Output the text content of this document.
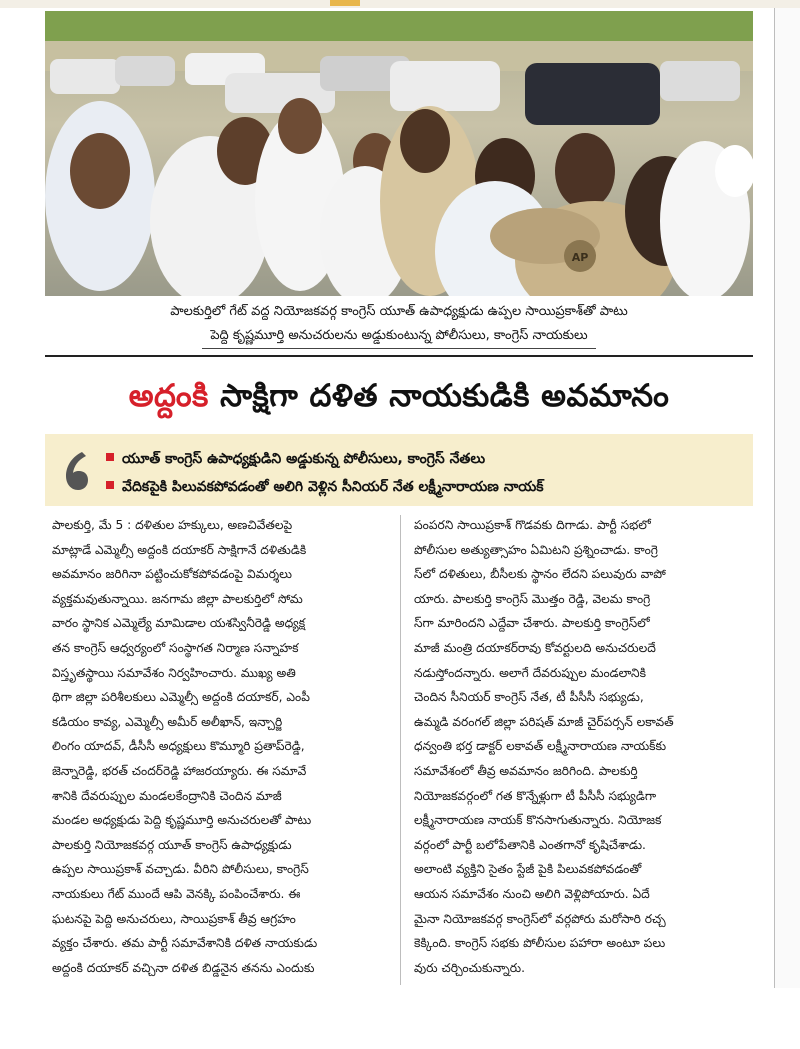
AP
పాలకుర్తిలో గేట్ వద్ద నియోజకవర్గ కాంగ్రెస్ యూత్ ఉపాధ్యక్షుడు ఉప్పల సాయిప్రకాశ్‌తో పాటు
పెద్ది కృష్ణమూర్తి అనుచరులను అడ్డుకుంటున్న పోలీసులు, కాంగ్రెస్ నాయకులు
అద్దంకి సాక్షిగా దళిత నాయకుడికి అవమానం
యూత్ కాంగ్రెస్ ఉపాధ్యక్షుడిని అడ్డుకున్న పోలీసులు, కాంగ్రెస్ నేతలు
వేదికపైకి పిలువకపోవడంతో అలిగి వెళ్లిన సీనియర్ నేత లక్ష్మీనారాయణ నాయక్
పాలకుర్తి, మే 5 : దళితుల హక్కులు, అణచివేతలపై
మాట్లాడే ఎమ్మెల్సీ అద్దంకి దయాకర్ సాక్షిగానే దళితుడికి
అవమానం జరిగినా పట్టించుకోకపోవడంపై విమర్శలు
వ్యక్తమవుతున్నాయి. జనగామ జిల్లా పాలకుర్తిలో సోమ
వారం స్థానిక ఎమ్మెల్యే మామిడాల యశస్వినీరెడ్డి అధ్యక్ష
తన కాంగ్రెస్ ఆధ్వర్యంలో సంస్థాగత నిర్మాణ సన్నాహక
విస్తృతస్థాయి సమావేశం నిర్వహించారు. ముఖ్య అతి
థిగా జిల్లా పరిశీలకులు ఎమ్మెల్సీ అద్దంకి దయాకర్, ఎంపీ
కడియం కావ్య, ఎమ్మెల్సీ అమీర్ అలీఖాన్, ఇన్చార్జి
లింగం యాదవ్, డీసీసీ అధ్యక్షులు కొమ్మూరి ప్రతాప్‌రెడ్డి,
జెన్నారెడ్డి, భరత్ చందర్‌రెడ్డి హాజరయ్యారు. ఈ సమావే
శానికి దేవరుప్పుల మండలకేంద్రానికి చెందిన మాజీ
మండల అధ్యక్షుడు పెద్ది కృష్ణమూర్తి అనుచరులతో పాటు
పాలకుర్తి నియోజకవర్గ యూత్ కాంగ్రెస్ ఉపాధ్యక్షుడు
ఉప్పల సాయిప్రకాశ్ వచ్చాడు. వీరిని పోలీసులు, కాంగ్రెస్
నాయకులు గేట్ ముందే ఆపి వెనక్కి పంపించేశారు. ఈ
ఘటనపై పెద్ది అనుచరులు, సాయిప్రకాశ్ తీవ్ర ఆగ్రహం
వ్యక్తం చేశారు. తమ పార్టీ సమావేశానికి దళిత నాయకుడు
అద్దంకి దయాకర్ వచ్చినా దళిత బిడ్డనైన తనను ఎందుకు
పంపరని సాయిప్రకాశ్ గొడవకు దిగాడు. పార్టీ సభలో
పోలీసుల అత్యుత్సాహం ఏమిటని ప్రశ్నించాడు. కాంగ్రె
స్‌లో దళితులు, బీసీలకు స్థానం లేదని పలువురు వాపో
యారు. పాలకుర్తి కాంగ్రెస్ మొత్తం రెడ్డి, వెలమ కాంగ్రె
స్‌గా మారిందని ఎద్దేవా చేశారు. పాలకుర్తి కాంగ్రెస్‌లో
మాజీ మంత్రి దయాకర్‌రావు కోవర్టులది అనుచరులదే
నడుస్తోందన్నారు. అలాగే దేవరుప్పుల మండలానికి
చెందిన సీనియర్ కాంగ్రెస్ నేత, టీ పీసీసీ సభ్యుడు,
ఉమ్మడి వరంగల్ జిల్లా పరిషత్ మాజీ చైర్‌పర్సన్ లకావత్
ధన్వంతి భర్త డాక్టర్ లకావత్ లక్ష్మీనారాయణ నాయక్‌కు
సమావేశంలో తీవ్ర అవమానం జరిగింది. పాలకుర్తి
నియోజకవర్గంలో గత కొన్నేళ్లుగా టీ పీసీసీ సభ్యుడిగా
లక్ష్మీనారాయణ నాయక్ కొనసాగుతున్నారు. నియోజక
వర్గంలో పార్టీ బలోపేతానికి ఎంతగానో కృషిచేశాడు.
అలాంటి వ్యక్తిని సైతం స్టేజీ పైకి పిలువకపోవడంతో
ఆయన సమావేశం నుంచి అలిగి వెళ్లిపోయారు. ఏదే
మైనా నియోజకవర్గ కాంగ్రెస్‌లో వర్గపోరు మరోసారి రచ్చ
కెక్కింది. కాంగ్రెస్ సభకు పోలీసుల పహారా అంటూ పలు
వురు చర్చించుకున్నారు.
